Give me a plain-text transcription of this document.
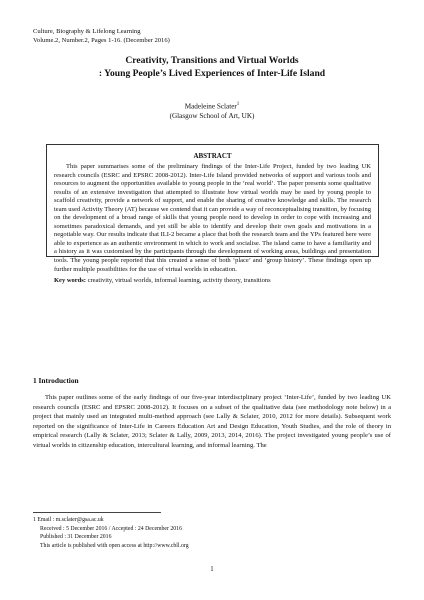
Culture, Biography & Lifelong Learning
Volume.2, Number.2, Pages 1-16. (December 2016)
Creativity, Transitions and Virtual Worlds
: Young People’s Lived Experiences of Inter-Life Island
Madeleine Sclater$^1$
(Glasgow School of Art, UK)
ABSTRACT
This paper summarises some of the preliminary findings of the Inter-Life Project, funded by two leading UK research councils (ESRC and EPSRC 2008-2012). Inter-Life Island provided networks of support and various tools and resources to augment the opportunities available to young people in the ‘real world’. The paper presents some qualitative results of an extensive investigation that attempted to illustrate how virtual worlds may be used by young people to scaffold creativity, provide a network of support, and enable the sharing of creative knowledge and skills. The research team used Activity Theory (AT) because we contend that it can provide a way of reconceptualising transition, by focusing on the development of a broad range of skills that young people need to develop in order to cope with increasing and sometimes paradoxical demands, and yet still be able to identify and develop their own goals and motivations in a negotiable way. Our results indicate that ILI-2 became a place that both the research team and the YPs featured here were able to experience as an authentic environment in which to work and socialise. The island came to have a familiarity and a history as it was customised by the participants through the development of working areas, buildings and presentation tools. The young people reported that this created a sense of both ‘place’ and ‘group history’. These findings open up further multiple possibilities for the use of virtual worlds in education.
Key words: creativity, virtual worlds, informal learning, activity theory, transitions
1 Introduction
This paper outlines some of the early findings of our five-year interdisciplinary project ‘Inter-Life’, funded by two leading UK research councils (ESRC and EPSRC 2008-2012). It focuses on a subset of the qualitative data (see methodology note below) in a project that mainly used an integrated multi-method approach (see Lally & Sclater, 2010, 2012 for more details). Subsequent work reported on the significance of Inter-Life in Careers Education Art and Design Education, Youth Studies, and the role of theory in empirical research (Lally & Sclater, 2013; Sclater & Lally, 2009, 2013, 2014, 2016). The project investigated young people’s use of virtual worlds in citizenship education, intercultural learning, and informal learning. The
1 Email : m.sclater@gsa.ac.uk
Received : 5 December 2016 / Accepted : 24 December 2016
Published : 31 December 2016
This article is published with open access at http://www.cbll.org
1
